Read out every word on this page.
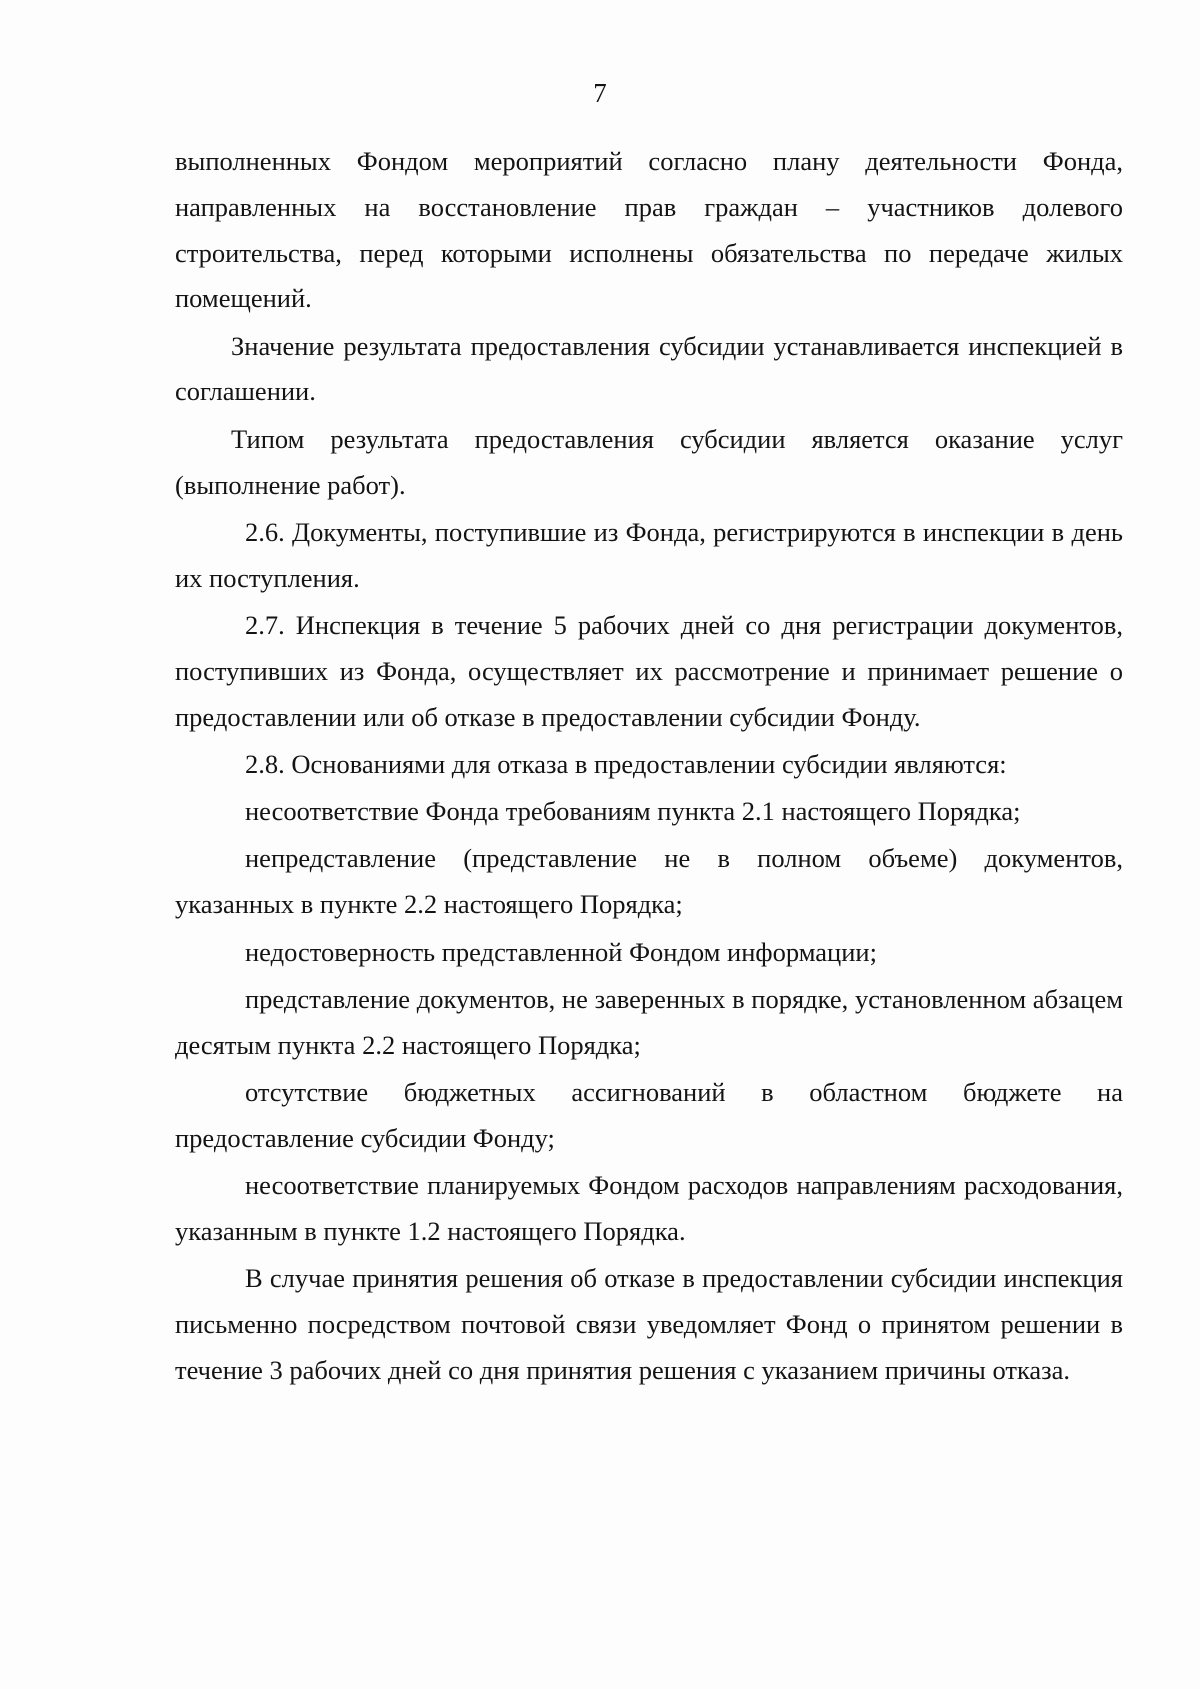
7

выполненных Фондом мероприятий согласно плану деятельности Фонда, направленных на восстановление прав граждан – участников долевого строительства, перед которыми исполнены обязательства по передаче жилых помещений.

Значение результата предоставления субсидии устанавливается инспекцией в соглашении.

Типом результата предоставления субсидии является оказание услуг (выполнение работ).

2.6. Документы, поступившие из Фонда, регистрируются в инспекции в день их поступления.

2.7. Инспекция в течение 5 рабочих дней со дня регистрации документов, поступивших из Фонда, осуществляет их рассмотрение и принимает решение о предоставлении или об отказе в предоставлении субсидии Фонду.

2.8. Основаниями для отказа в предоставлении субсидии являются:

несоответствие Фонда требованиям пункта 2.1 настоящего Порядка;

непредставление (представление не в полном объеме) документов, указанных в пункте 2.2 настоящего Порядка;

недостоверность представленной Фондом информации;

представление документов, не заверенных в порядке, установленном абзацем десятым пункта 2.2 настоящего Порядка;

отсутствие бюджетных ассигнований в областном бюджете на предоставление субсидии Фонду;

несоответствие планируемых Фондом расходов направлениям расходования, указанным в пункте 1.2 настоящего Порядка.

В случае принятия решения об отказе в предоставлении субсидии инспекция письменно посредством почтовой связи уведомляет Фонд о принятом решении в течение 3 рабочих дней со дня принятия решения с указанием причины отказа.
